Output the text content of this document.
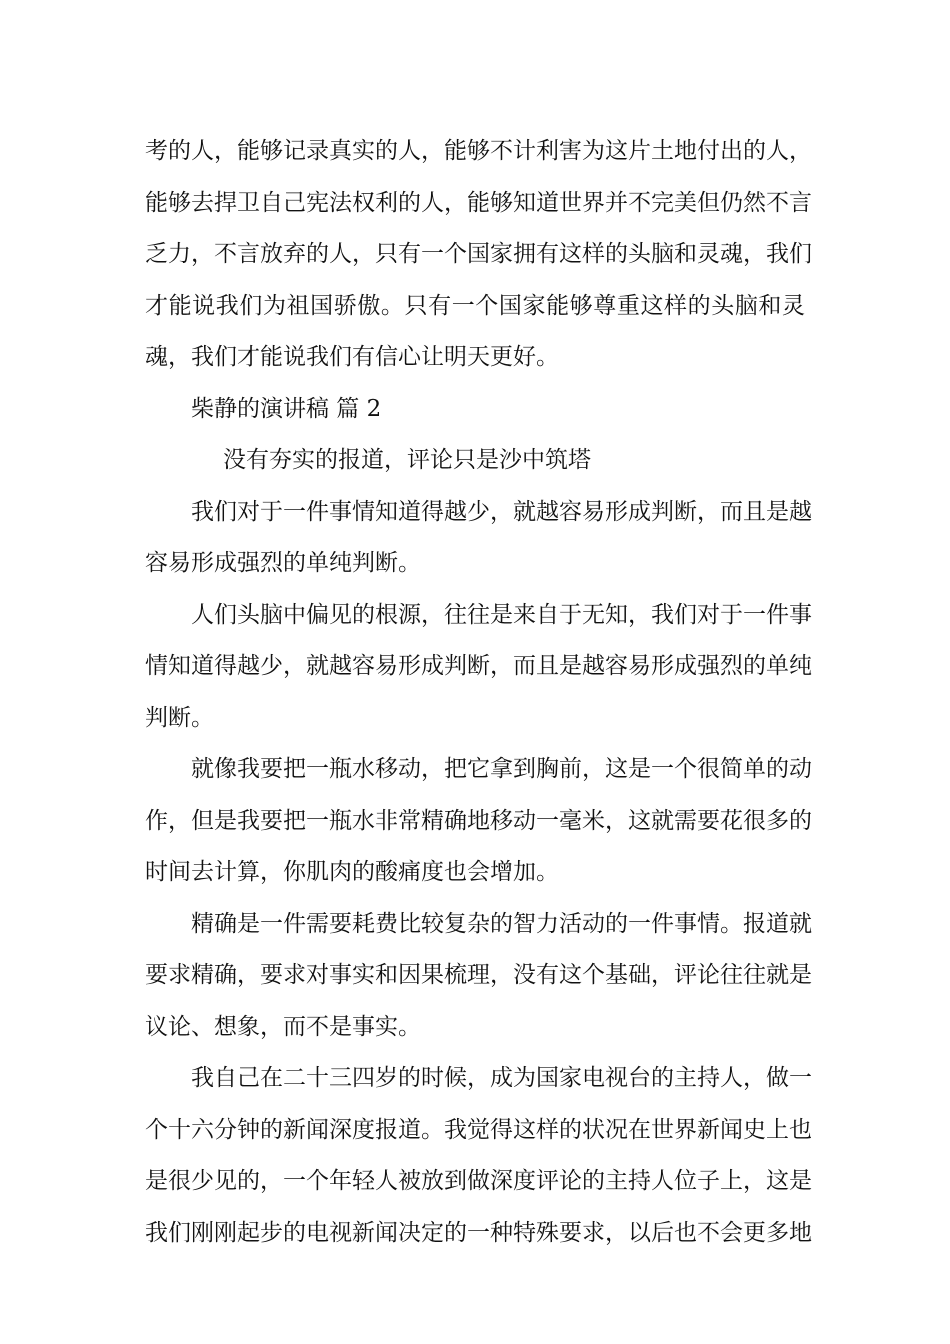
考的人，能够记录真实的人，能够不计利害为这片土地付出的人，
能够去捍卫自己宪法权利的人，能够知道世界并不完美但仍然不言
乏力，不言放弃的人，只有一个国家拥有这样的头脑和灵魂，我们
才能说我们为祖国骄傲。只有一个国家能够尊重这样的头脑和灵
魂，我们才能说我们有信心让明天更好。
柴静的演讲稿 篇 2
没有夯实的报道，评论只是沙中筑塔
我们对于一件事情知道得越少，就越容易形成判断，而且是越
容易形成强烈的单纯判断。
人们头脑中偏见的根源，往往是来自于无知，我们对于一件事
情知道得越少，就越容易形成判断，而且是越容易形成强烈的单纯
判断。
就像我要把一瓶水移动，把它拿到胸前，这是一个很简单的动
作，但是我要把一瓶水非常精确地移动一毫米，这就需要花很多的
时间去计算，你肌肉的酸痛度也会增加。
精确是一件需要耗费比较复杂的智力活动的一件事情。报道就
要求精确，要求对事实和因果梳理，没有这个基础，评论往往就是
议论、想象，而不是事实。
我自己在二十三四岁的时候，成为国家电视台的主持人，做一
个十六分钟的新闻深度报道。我觉得这样的状况在世界新闻史上也
是很少见的，一个年轻人被放到做深度评论的主持人位子上，这是
我们刚刚起步的电视新闻决定的一种特殊要求，以后也不会更多地
